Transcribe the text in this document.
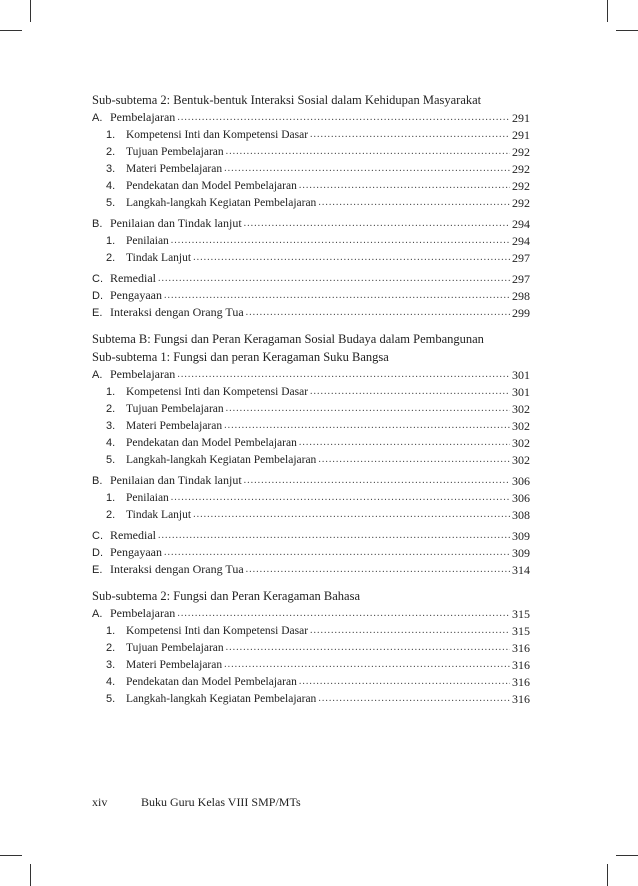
Sub-subtema 2: Bentuk-bentuk Interaksi Sosial dalam Kehidupan Masyarakat
A. Pembelajaran .....	291
1. Kompetensi Inti dan Kompetensi Dasar .....	291
2. Tujuan Pembelajaran .....	292
3. Materi Pembelajaran .....	292
4. Pendekatan dan Model Pembelajaran .....	292
5. Langkah-langkah Kegiatan Pembelajaran .....	292
B. Penilaian dan Tindak lanjut .....	294
1. Penilaian .....	294
2. Tindak Lanjut .....	297
C. Remedial .....	297
D. Pengayaan .....	298
E. Interaksi dengan Orang Tua .....	299
Subtema B: Fungsi dan Peran Keragaman Sosial Budaya dalam Pembangunan
Sub-subtema 1: Fungsi dan peran Keragaman Suku Bangsa
A. Pembelajaran .....	301
1. Kompetensi Inti dan Kompetensi Dasar .....	301
2. Tujuan Pembelajaran .....	302
3. Materi Pembelajaran .....	302
4. Pendekatan dan Model Pembelajaran .....	302
5. Langkah-langkah Kegiatan Pembelajaran .....	302
B. Penilaian dan Tindak lanjut .....	306
1. Penilaian .....	306
2. Tindak Lanjut .....	308
C. Remedial .....	309
D. Pengayaan .....	309
E. Interaksi dengan Orang Tua .....	314
Sub-subtema 2: Fungsi dan Peran Keragaman Bahasa
A. Pembelajaran .....	315
1. Kompetensi Inti dan Kompetensi Dasar .....	315
2. Tujuan Pembelajaran .....	316
3. Materi Pembelajaran .....	316
4. Pendekatan dan Model Pembelajaran .....	316
5. Langkah-langkah Kegiatan Pembelajaran .....	316
xiv	Buku Guru Kelas VIII SMP/MTs
